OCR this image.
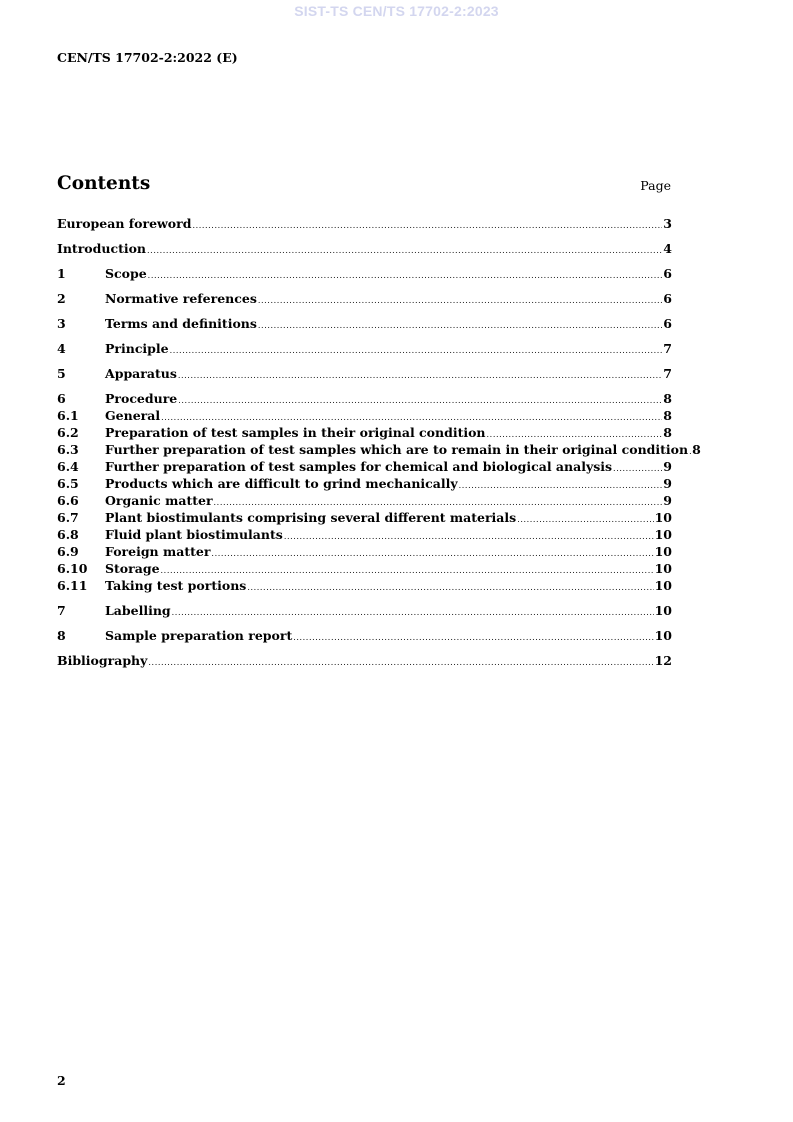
SIST-TS CEN/TS 17702-2:2023
CEN/TS 17702-2:2022 (E)
Contents	Page
European foreword .....	3
Introduction .....	4
1	Scope .....	6
2	Normative references .....	6
3	Terms and definitions .....	6
4	Principle .....	7
5	Apparatus .....	7
6	Procedure .....	8
6.1	General .....	8
6.2	Preparation of test samples in their original condition .....	8
6.3	Further preparation of test samples which are to remain in their original condition ..... 8
6.4	Further preparation of test samples for chemical and biological analysis .....	9
6.5	Products which are difficult to grind mechanically .....	9
6.6	Organic matter .....	9
6.7	Plant biostimulants comprising several different materials .....	10
6.8	Fluid plant biostimulants .....	10
6.9	Foreign matter .....	10
6.10	Storage .....	10
6.11	Taking test portions .....	10
7	Labelling .....	10
8	Sample preparation report .....	10
Bibliography .....	12
2
